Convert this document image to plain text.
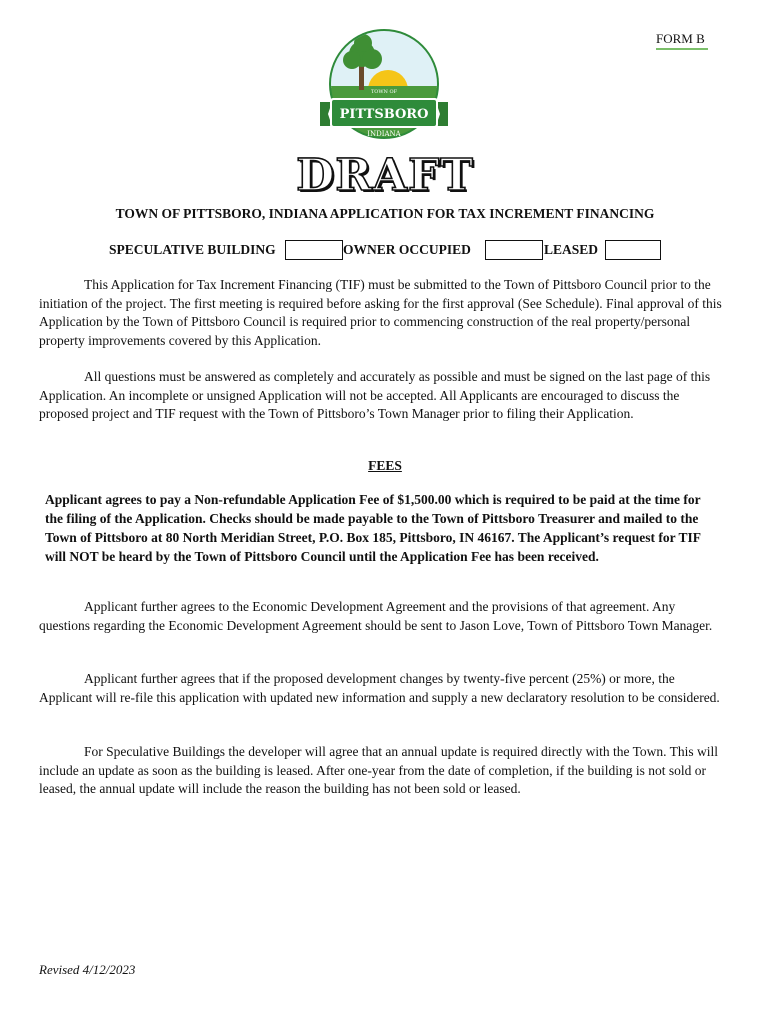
FORM B
TOWN OF
PITTSBORO
INDIANA
1834
DRAFT
TOWN OF PITTSBORO, INDIANA APPLICATION FOR TAX INCREMENT FINANCING
SPECULATIVE BUILDING	OWNER OCCUPIED	LEASED

This Application for Tax Increment Financing (TIF) must be submitted to the Town of Pittsboro Council prior to the initiation of the project. The first meeting is required before asking for the first approval (See Schedule). Final approval of this Application by the Town of Pittsboro Council is required prior to commencing construction of the real property/personal property improvements covered by this Application.

All questions must be answered as completely and accurately as possible and must be signed on the last page of this Application. An incomplete or unsigned Application will not be accepted. All Applicants are encouraged to discuss the proposed project and TIF request with the Town of Pittsboro’s Town Manager prior to filing their Application.

FEES

Applicant agrees to pay a Non-refundable Application Fee of $1,500.00 which is required to be paid at the time for the filing of the Application. Checks should be made payable to the Town of Pittsboro Treasurer and mailed to the Town of Pittsboro at 80 North Meridian Street, P.O. Box 185, Pittsboro, IN 46167. The Applicant’s request for TIF will NOT be heard by the Town of Pittsboro Council until the Application Fee has been received.

Applicant further agrees to the Economic Development Agreement and the provisions of that agreement. Any questions regarding the Economic Development Agreement should be sent to Jason Love, Town of Pittsboro Town Manager.

Applicant further agrees that if the proposed development changes by twenty-five percent (25%) or more, the Applicant will re-file this application with updated new information and supply a new declaratory resolution to be considered.

For Speculative Buildings the developer will agree that an annual update is required directly with the Town. This will include an update as soon as the building is leased. After one-year from the date of completion, if the building is not sold or leased, the annual update will include the reason the building has not been sold or leased.

Revised 4/12/2023
